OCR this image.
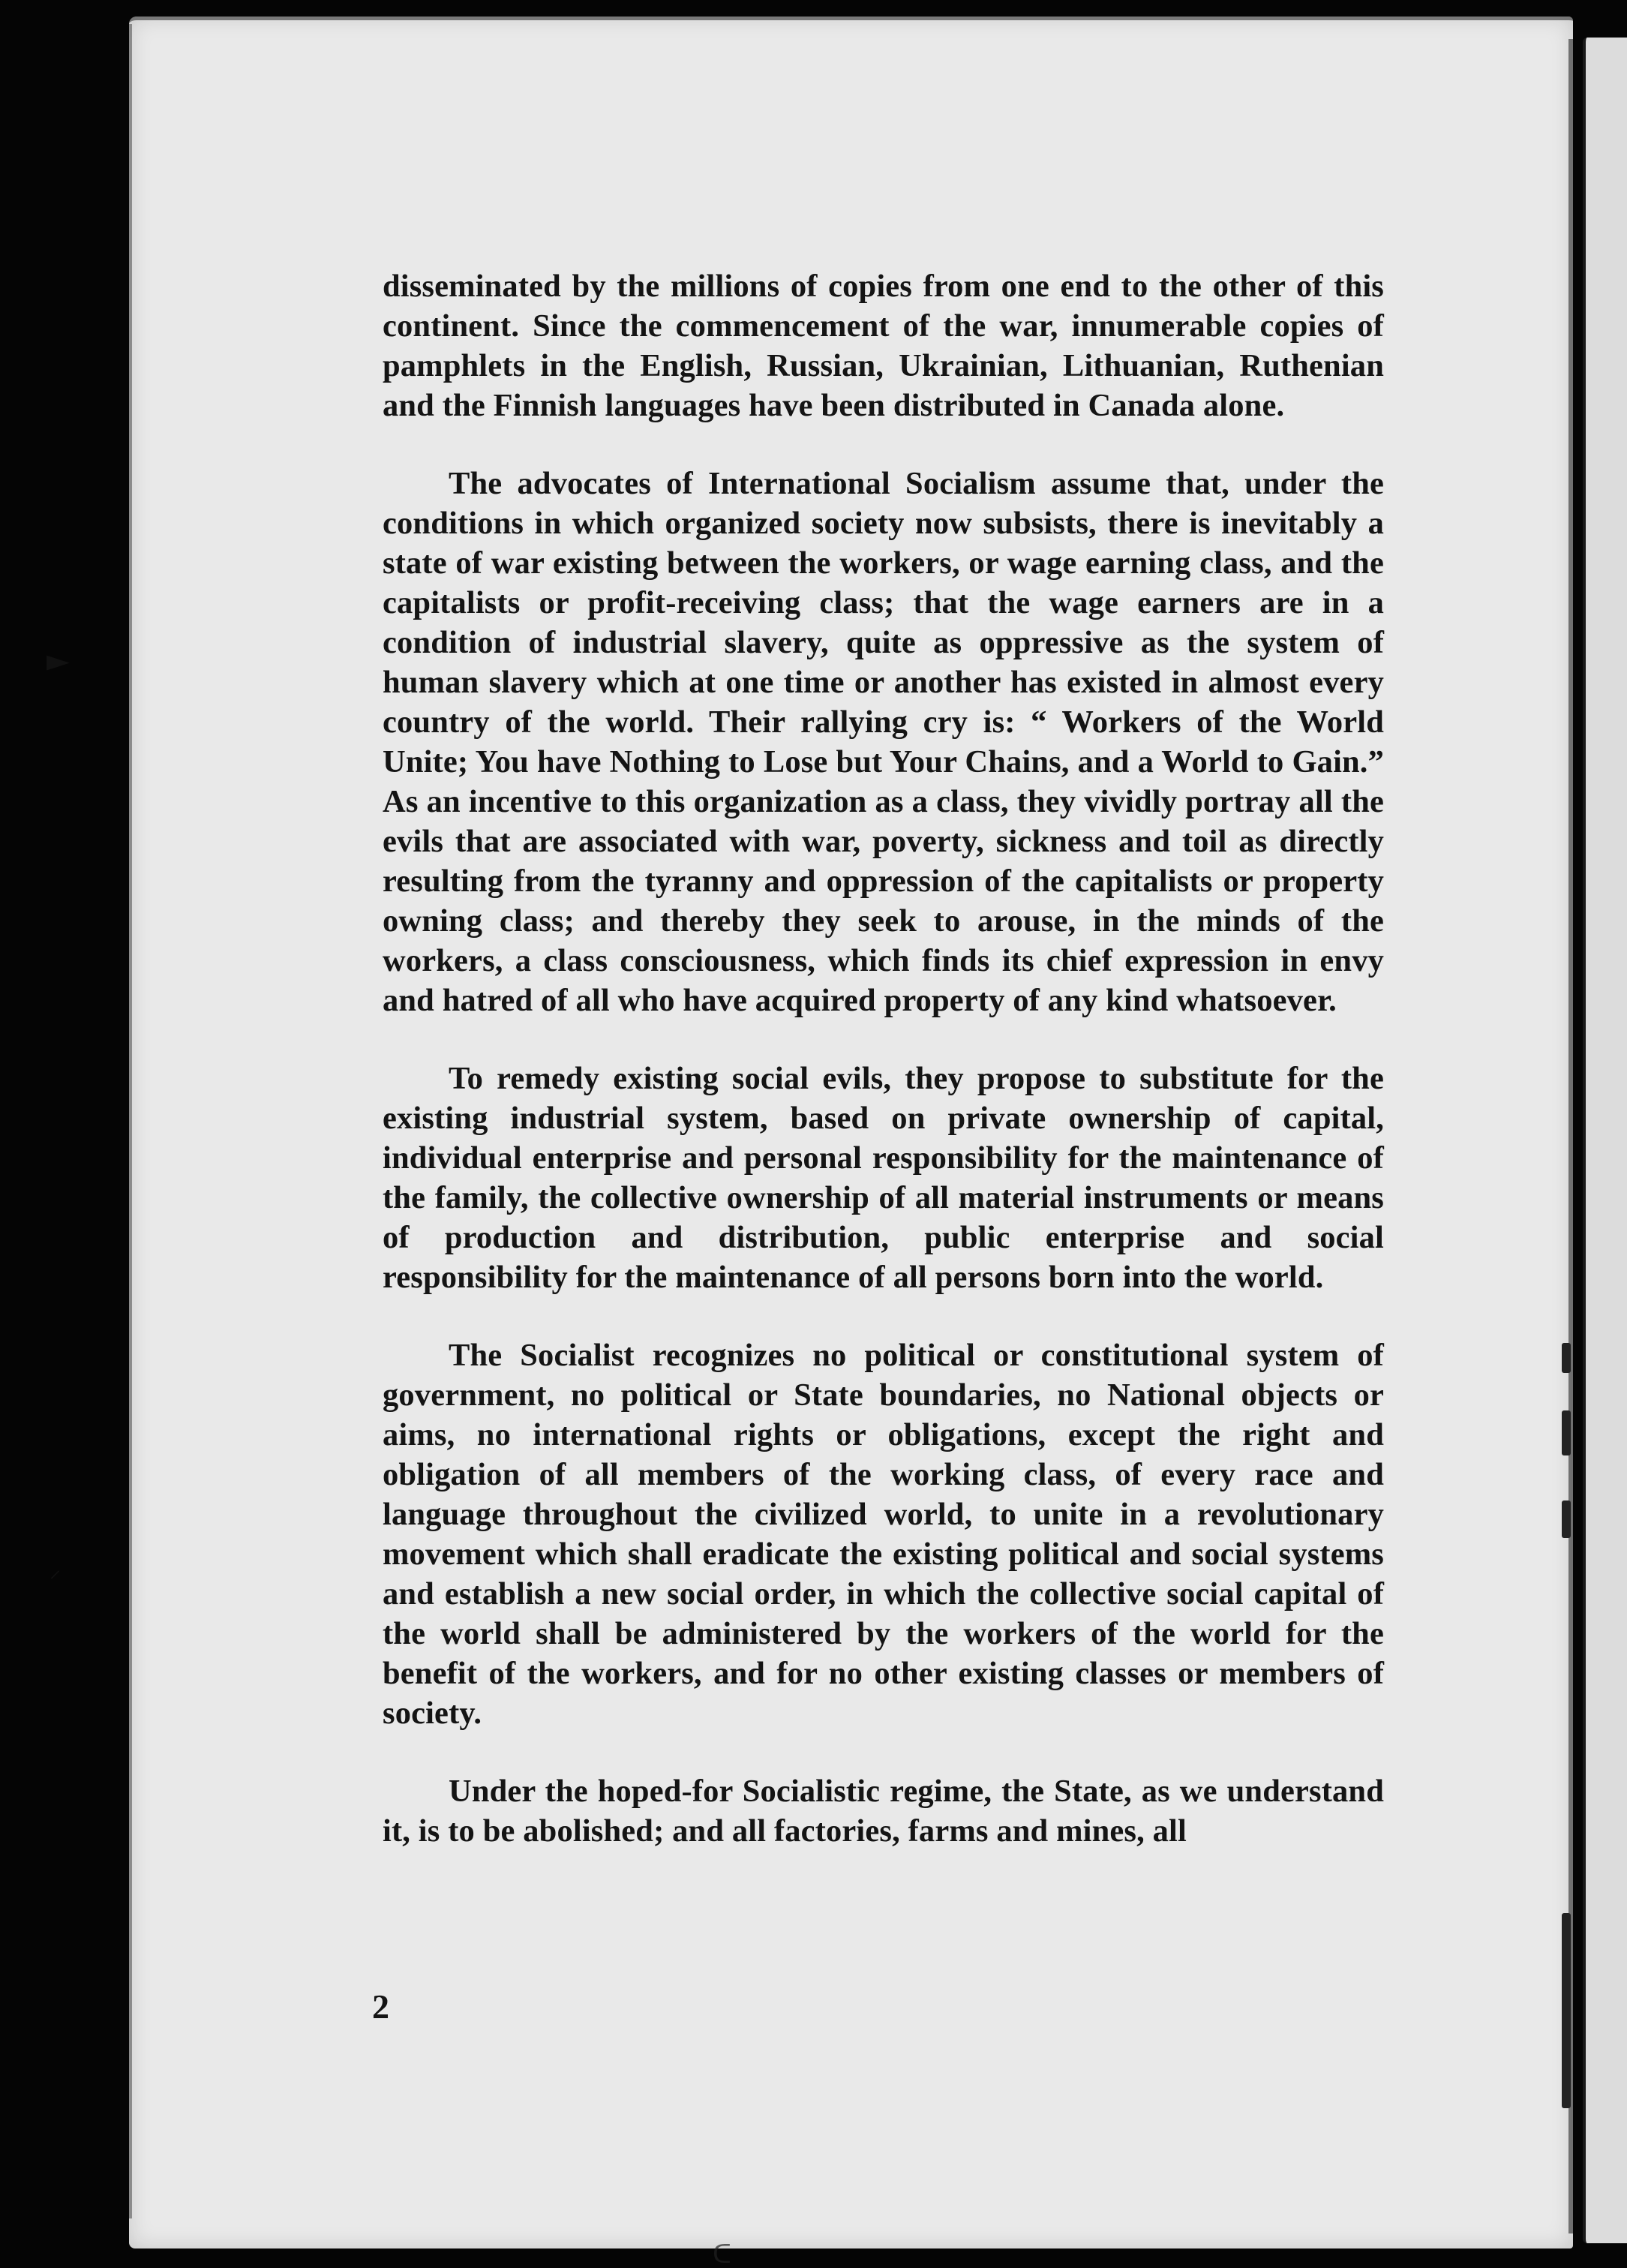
►
⸝

disseminated by the millions of copies from one end to the other of this continent. Since the commencement of the war, innumerable copies of pamphlets in the English, Russian, Ukrainian, Lithuanian, Ruthenian and the Finnish languages have been distributed in Canada alone.

The advocates of International Socialism assume that, under the conditions in which organized society now subsists, there is inevitably a state of war existing between the workers, or wage earning class, and the capitalists or profit-receiving class; that the wage earners are in a condition of industrial slavery, quite as oppressive as the system of human slavery which at one time or another has existed in almost every country of the world. Their rallying cry is: “ Workers of the World Unite; You have Nothing to Lose but Your Chains, and a World to Gain.” As an incentive to this organization as a class, they vividly portray all the evils that are associated with war, poverty, sickness and toil as directly resulting from the tyranny and oppression of the capitalists or property owning class; and thereby they seek to arouse, in the minds of the workers, a class consciousness, which finds its chief expression in envy and hatred of all who have acquired property of any kind whatsoever.

To remedy existing social evils, they propose to substitute for the existing industrial system, based on private ownership of capital, individual enterprise and personal responsibility for the maintenance of the family, the collective ownership of all material instruments or means of production and distribution, public enterprise and social responsibility for the maintenance of all persons born into the world.

The Socialist recognizes no political or constitutional system of government, no political or State boundaries, no National objects or aims, no international rights or obligations, except the right and obligation of all members of the working class, of every race and language throughout the civilized world, to unite in a revolutionary movement which shall eradicate the existing political and social systems and establish a new social order, in which the collective social capital of the world shall be administered by the workers of the world for the benefit of the workers, and for no other existing classes or members of society.

Under the hoped-for Socialistic regime, the State, as we understand it, is to be abolished; and all factories, farms and mines, all

2
ᑕ
